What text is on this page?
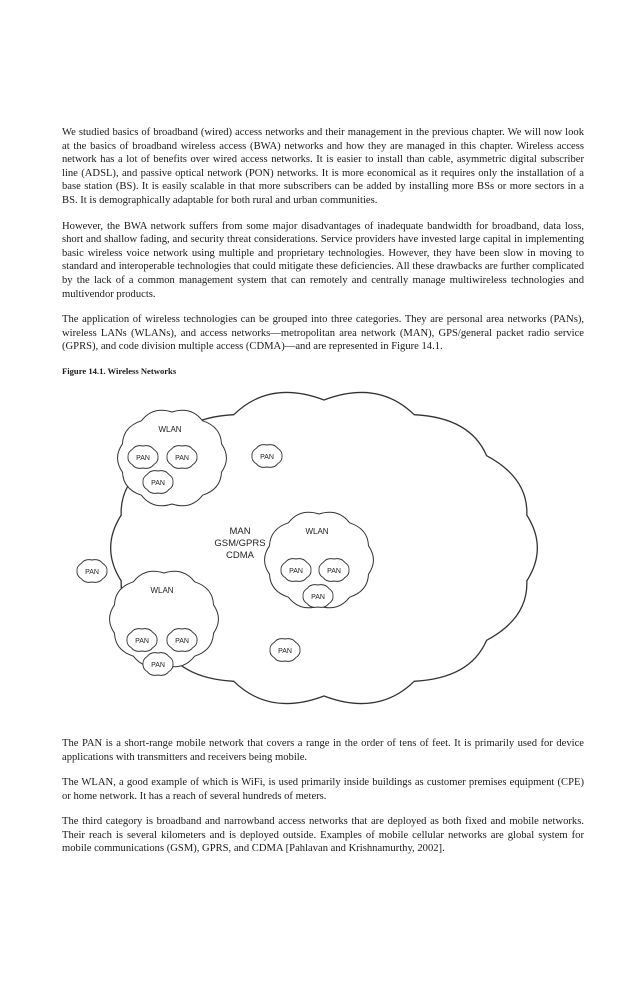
We studied basics of broadband (wired) access networks and their management in the previous chapter. We will now look at the basics of broadband wireless access (BWA) networks and how they are managed in this chapter. Wireless access network has a lot of benefits over wired access networks. It is easier to install than cable, asymmetric digital subscriber line (ADSL), and passive optical network (PON) networks. It is more economical as it requires only the installation of a base station (BS). It is easily scalable in that more subscribers can be added by installing more BSs or more sectors in a BS. It is demographically adaptable for both rural and urban communities.

However, the BWA network suffers from some major disadvantages of inadequate bandwidth for broadband, data loss, short and shallow fading, and security threat considerations. Service providers have invested large capital in implementing basic wireless voice network using multiple and proprietary technologies. However, they have been slow in moving to standard and interoperable technologies that could mitigate these deficiencies. All these drawbacks are further complicated by the lack of a common management system that can remotely and centrally manage multiwireless technologies and multivendor products.

The application of wireless technologies can be grouped into three categories. They are personal area networks (PANs), wireless LANs (WLANs), and access networks—metropolitan area network (MAN), GPS/general packet radio service (GPRS), and code division multiple access (CDMA)—and are represented in Figure 14.1.

Figure 14.1. Wireless Networks
MAN
GSM/GPRS
CDMA
WLAN
WLAN
WLAN
PAN	PAN
PAN
PAN	PAN
PAN
PAN	PAN
PAN
PAN
PAN
PAN

The PAN is a short-range mobile network that covers a range in the order of tens of feet. It is primarily used for device applications with transmitters and receivers being mobile.

The WLAN, a good example of which is WiFi, is used primarily inside buildings as customer premises equipment (CPE) or home network. It has a reach of several hundreds of meters.

The third category is broadband and narrowband access networks that are deployed as both fixed and mobile networks. Their reach is several kilometers and is deployed outside. Examples of mobile cellular networks are global system for mobile communications (GSM), GPRS, and CDMA [Pahlavan and Krishnamurthy, 2002].
